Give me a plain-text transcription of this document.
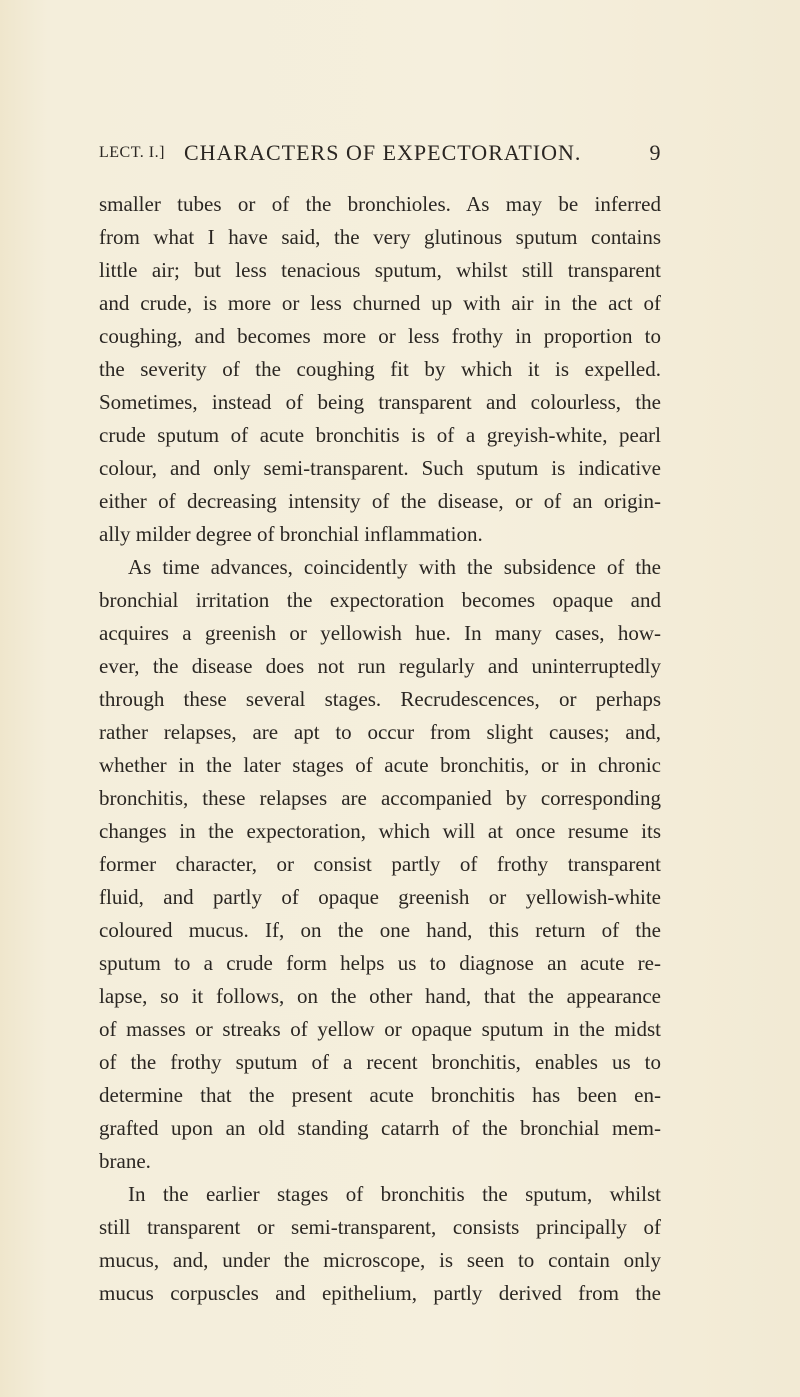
LECT. I.] CHARACTERS OF EXPECTORATION.	9
smaller tubes or of the bronchioles. As may be inferred
from what I have said, the very glutinous sputum contains
little air; but less tenacious sputum, whilst still transparent
and crude, is more or less churned up with air in the act of
coughing, and becomes more or less frothy in proportion to
the severity of the coughing fit by which it is expelled.
Sometimes, instead of being transparent and colourless, the
crude sputum of acute bronchitis is of a greyish-white, pearl
colour, and only semi-transparent. Such sputum is indicative
either of decreasing intensity of the disease, or of an origin-
ally milder degree of bronchial inflammation.
As time advances, coincidently with the subsidence of the
bronchial irritation the expectoration becomes opaque and
acquires a greenish or yellowish hue. In many cases, how-
ever, the disease does not run regularly and uninterruptedly
through these several stages. Recrudescences, or perhaps
rather relapses, are apt to occur from slight causes; and,
whether in the later stages of acute bronchitis, or in chronic
bronchitis, these relapses are accompanied by corresponding
changes in the expectoration, which will at once resume its
former character, or consist partly of frothy transparent
fluid, and partly of opaque greenish or yellowish-white
coloured mucus. If, on the one hand, this return of the
sputum to a crude form helps us to diagnose an acute re-
lapse, so it follows, on the other hand, that the appearance
of masses or streaks of yellow or opaque sputum in the midst
of the frothy sputum of a recent bronchitis, enables us to
determine that the present acute bronchitis has been en-
grafted upon an old standing catarrh of the bronchial mem-
brane.
In the earlier stages of bronchitis the sputum, whilst
still transparent or semi-transparent, consists principally of
mucus, and, under the microscope, is seen to contain only
mucus corpuscles and epithelium, partly derived from the
